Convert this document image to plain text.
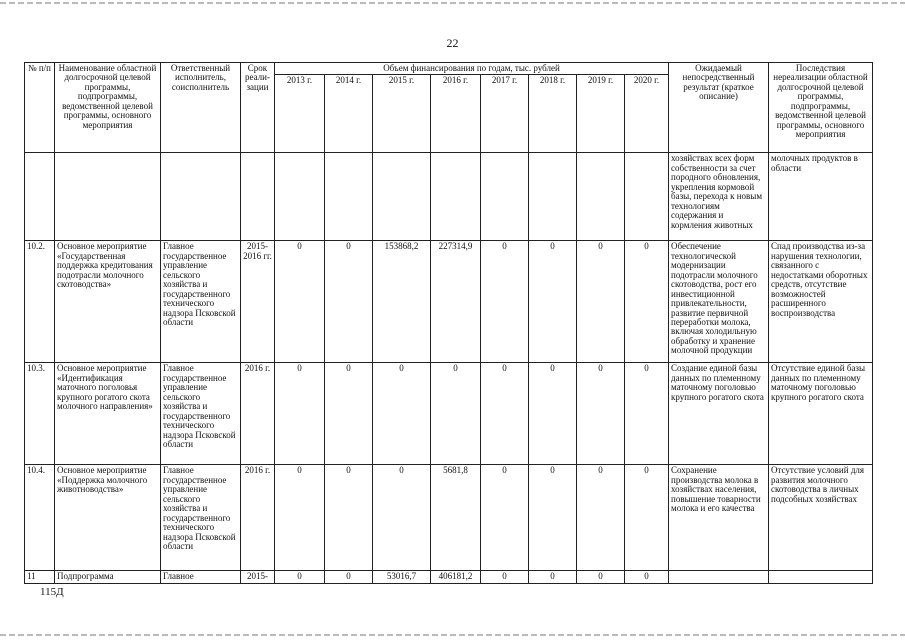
22
№ п/п	Наименование областной долгосрочной целевой программы, подпрограммы, ведомственной целевой программы, основного мероприятия	Ответственный исполнитель, соисполнитель	Срок реали- зации	Объем финансирования по годам, тыс. рублей								Ожидаемый непосредственный результат (краткое описание)	Последствия нереализации областной долгосрочной целевой программы, подпрограммы, ведомственной целевой программы, основного мероприятия
				2013 г.	2014 г.	2015 г.	2016 г.	2017 г.	2018 г.	2019 г.	2020 г.		
												хозяйствах всех форм собственности за счет породного обновления, укрепления кормовой базы, перехода к новым технологиям содержания и кормления животных	молочных продуктов в области
10.2.	Основное мероприятие «Государственная поддержка кредитования подотрасли молочного скотоводства»	Главное государственное управление сельского хозяйства и государственного технического надзора Псковской области	2015- 2016 гг.	0	0	153868,2	227314,9	0	0	0	0	Обеспечение технологической модернизации подотрасли молочного скотоводства, рост его инвестиционной привлекательности, развитие первичной переработки молока, включая холодильную обработку и хранение молочной продукции	Спад производства из-за нарушения технологии, связанного с недостатками оборотных средств, отсутствие возможностей расширенного воспроизводства
10.3.	Основное мероприятие «Идентификация маточного поголовья крупного рогатого скота молочного направления»	Главное государственное управление сельского хозяйства и государственного технического надзора Псковской области	2016 г.	0	0	0	0	0	0	0	0	Создание единой базы данных по племенному маточному поголовью крупного рогатого скота	Отсутствие единой базы данных по племенному маточному поголовью крупного рогатого скота
10.4.	Основное мероприятие «Поддержка молочного животноводства»	Главное государственное управление сельского хозяйства и государственного технического надзора Псковской области	2016 г.	0	0	0	5681,8	0	0	0	0	Сохранение производства молока в хозяйствах населения, повышение товарности молока и его качества	Отсутствие условий для развития молочного скотоводства в личных подсобных хозяйствах
11	Подпрограмма	Главное	2015-	0	0	53016,7	406181,2	0	0	0	0		
115Д
